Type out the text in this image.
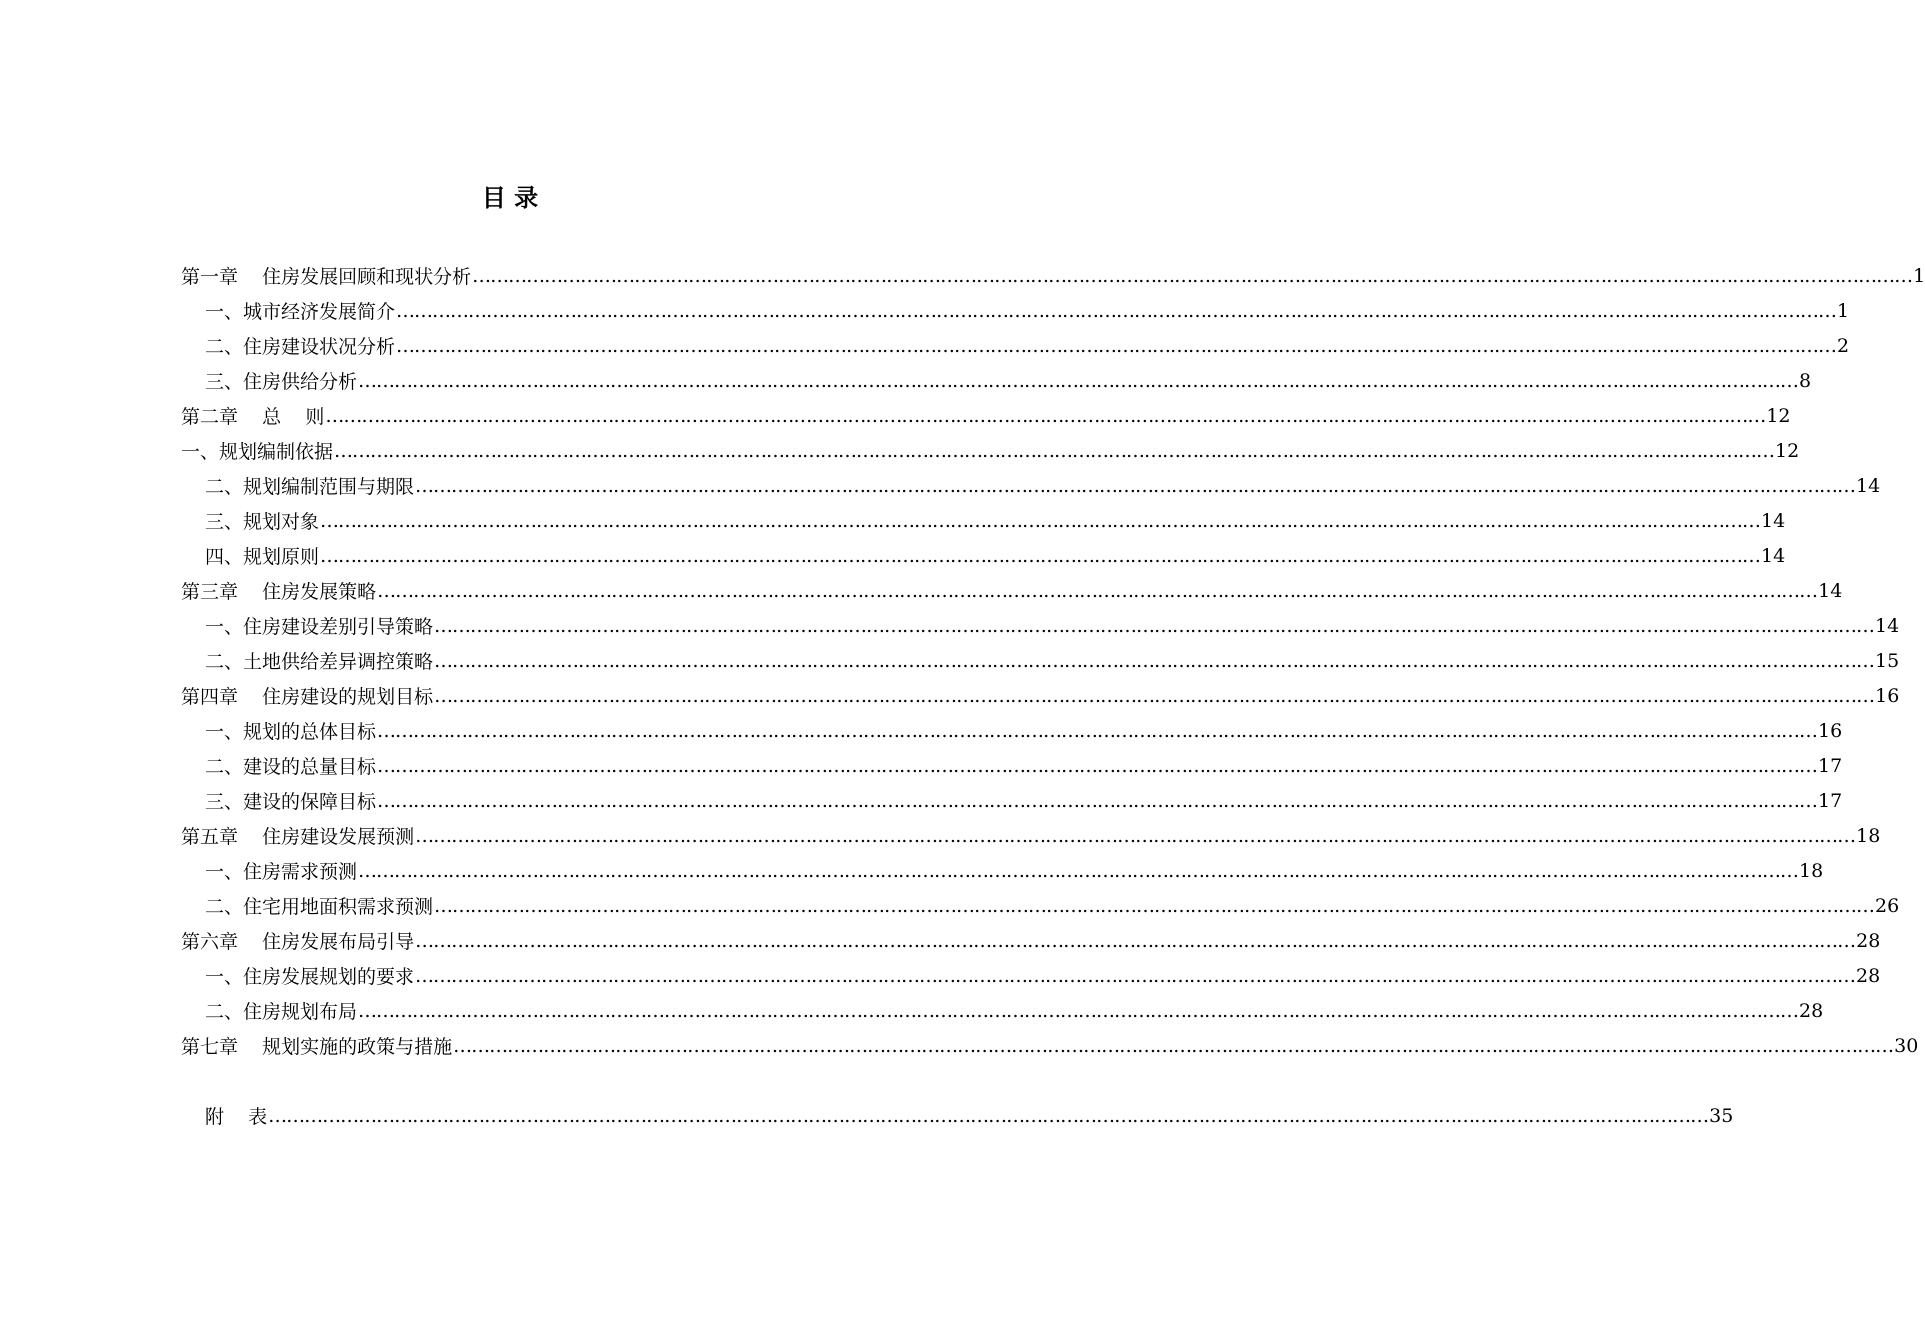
目 录
第一章    住房发展回顾和现状分析 …………………………………………………………………………………………………………………………………………………………………………………………………………………… 1
一、城市经济发展简介 …………………………………………………………………………………………………………………………………………………………………………………………………………………… 1
二、住房建设状况分析 …………………………………………………………………………………………………………………………………………………………………………………………………………………… 2
三、住房供给分析 …………………………………………………………………………………………………………………………………………………………………………………………………………………… 8
第二章    总    则 …………………………………………………………………………………………………………………………………………………………………………………………………………………… 12
一、规划编制依据 …………………………………………………………………………………………………………………………………………………………………………………………………………………… 12
二、规划编制范围与期限 …………………………………………………………………………………………………………………………………………………………………………………………………………………… 14
三、规划对象 …………………………………………………………………………………………………………………………………………………………………………………………………………………… 14
四、规划原则 …………………………………………………………………………………………………………………………………………………………………………………………………………………… 14
第三章    住房发展策略 …………………………………………………………………………………………………………………………………………………………………………………………………………………… 14
一、住房建设差别引导策略 …………………………………………………………………………………………………………………………………………………………………………………………………………………… 14
二、土地供给差异调控策略 …………………………………………………………………………………………………………………………………………………………………………………………………………………… 15
第四章    住房建设的规划目标 …………………………………………………………………………………………………………………………………………………………………………………………………………………… 16
一、规划的总体目标 …………………………………………………………………………………………………………………………………………………………………………………………………………………… 16
二、建设的总量目标 …………………………………………………………………………………………………………………………………………………………………………………………………………………… 17
三、建设的保障目标 …………………………………………………………………………………………………………………………………………………………………………………………………………………… 17
第五章    住房建设发展预测 …………………………………………………………………………………………………………………………………………………………………………………………………………………… 18
一、住房需求预测 …………………………………………………………………………………………………………………………………………………………………………………………………………………… 18
二、住宅用地面积需求预测 …………………………………………………………………………………………………………………………………………………………………………………………………………………… 26
第六章    住房发展布局引导 …………………………………………………………………………………………………………………………………………………………………………………………………………………… 28
一、住房发展规划的要求 …………………………………………………………………………………………………………………………………………………………………………………………………………………… 28
二、住房规划布局 …………………………………………………………………………………………………………………………………………………………………………………………………………………… 28
第七章    规划实施的政策与措施 …………………………………………………………………………………………………………………………………………………………………………………………………………………… 30
附    表 …………………………………………………………………………………………………………………………………………………………………………………………………………………… 35
